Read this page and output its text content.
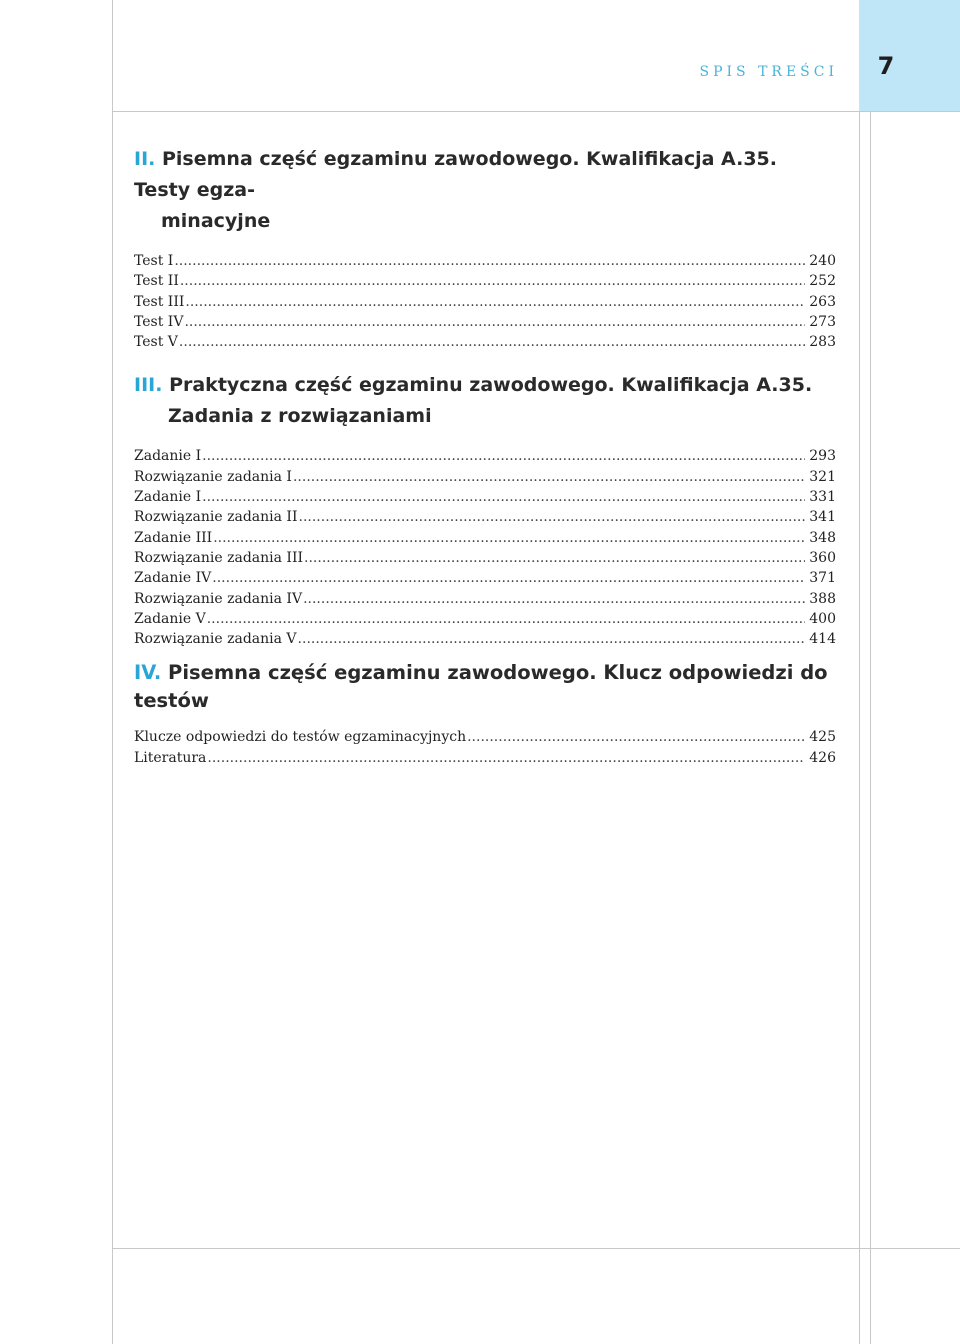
SPIS TREŚCI	7
II. Pisemna część egzaminu zawodowego. Kwalifikacja A.35. Testy egza-
minacyjne
Test I .....	240
Test II .....	252
Test III .....	263
Test IV .....	273
Test V .....	283
III. Praktyczna część egzaminu zawodowego. Kwalifikacja A.35.
Zadania z rozwiązaniami
Zadanie I .....	293
Rozwiązanie zadania I .....	321
Zadanie I .....	331
Rozwiązanie zadania II .....	341
Zadanie III .....	348
Rozwiązanie zadania III .....	360
Zadanie IV .....	371
Rozwiązanie zadania IV .....	388
Zadanie V .....	400
Rozwiązanie zadania V .....	414
IV. Pisemna część egzaminu zawodowego. Klucz odpowiedzi do testów
Klucze odpowiedzi do testów egzaminacyjnych .....	425
Literatura .....	426
